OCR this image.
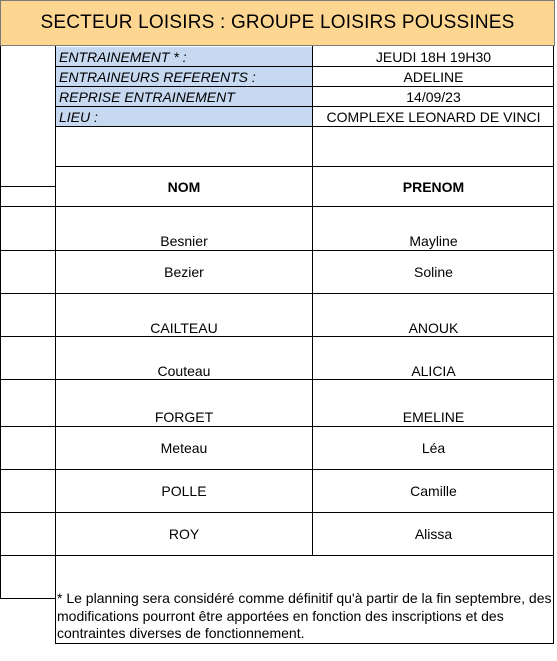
SECTEUR LOISIRS : GROUPE LOISIRS POUSSINES
ENTRAINEMENT * :	JEUDI 18H 19H30
ENTRAINEURS REFERENTS :	ADELINE
REPRISE ENTRAINEMENT	14/09/23
LIEU :	COMPLEXE LEONARD DE VINCI
NOM	PRENOM
Besnier	Mayline
Bezier	Soline
CAILTEAU	ANOUK
Couteau	ALICIA
FORGET	EMELINE
Meteau	Léa
POLLE	Camille
ROY	Alissa
* Le planning sera considéré comme définitif qu'à partir de la fin septembre, des modifications pourront être apportées en fonction des inscriptions et des contraintes diverses de fonctionnement.
